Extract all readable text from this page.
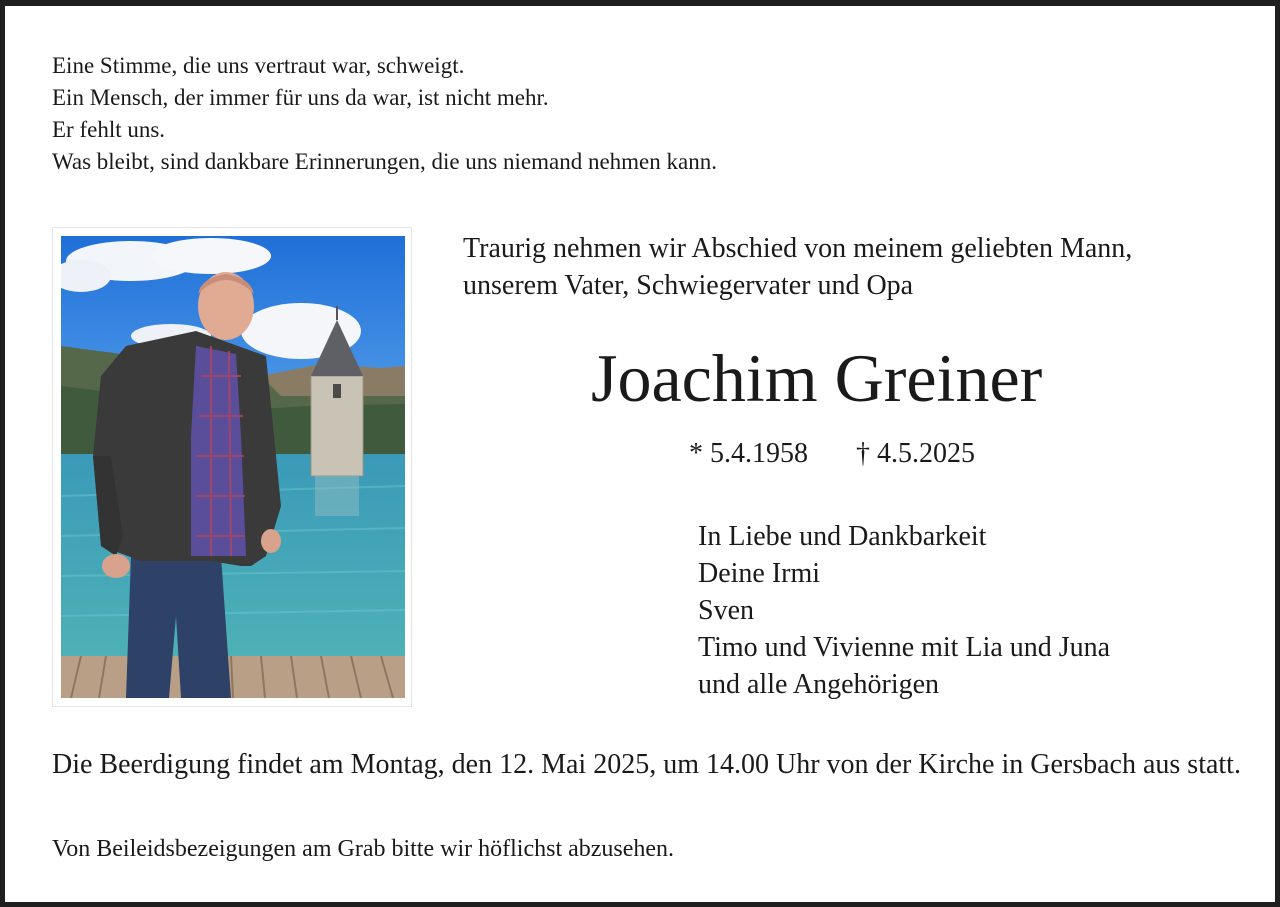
Eine Stimme, die uns vertraut war, schweigt.
Ein Mensch, der immer für uns da war, ist nicht mehr.
Er fehlt uns.
Was bleibt, sind dankbare Erinnerungen, die uns niemand nehmen kann.
Traurig nehmen wir Abschied von meinem geliebten Mann,
unserem Vater, Schwiegervater und Opa
Joachim Greiner
* 5.4.1958 † 4.5.2025
In Liebe und Dankbarkeit
Deine Irmi
Sven
Timo und Vivienne mit Lia und Juna
und alle Angehörigen
Die Beerdigung findet am Montag, den 12. Mai 2025, um 14.00 Uhr von der Kirche in Gersbach aus statt.
Von Beileidsbezeigungen am Grab bitte wir höflichst abzusehen.
